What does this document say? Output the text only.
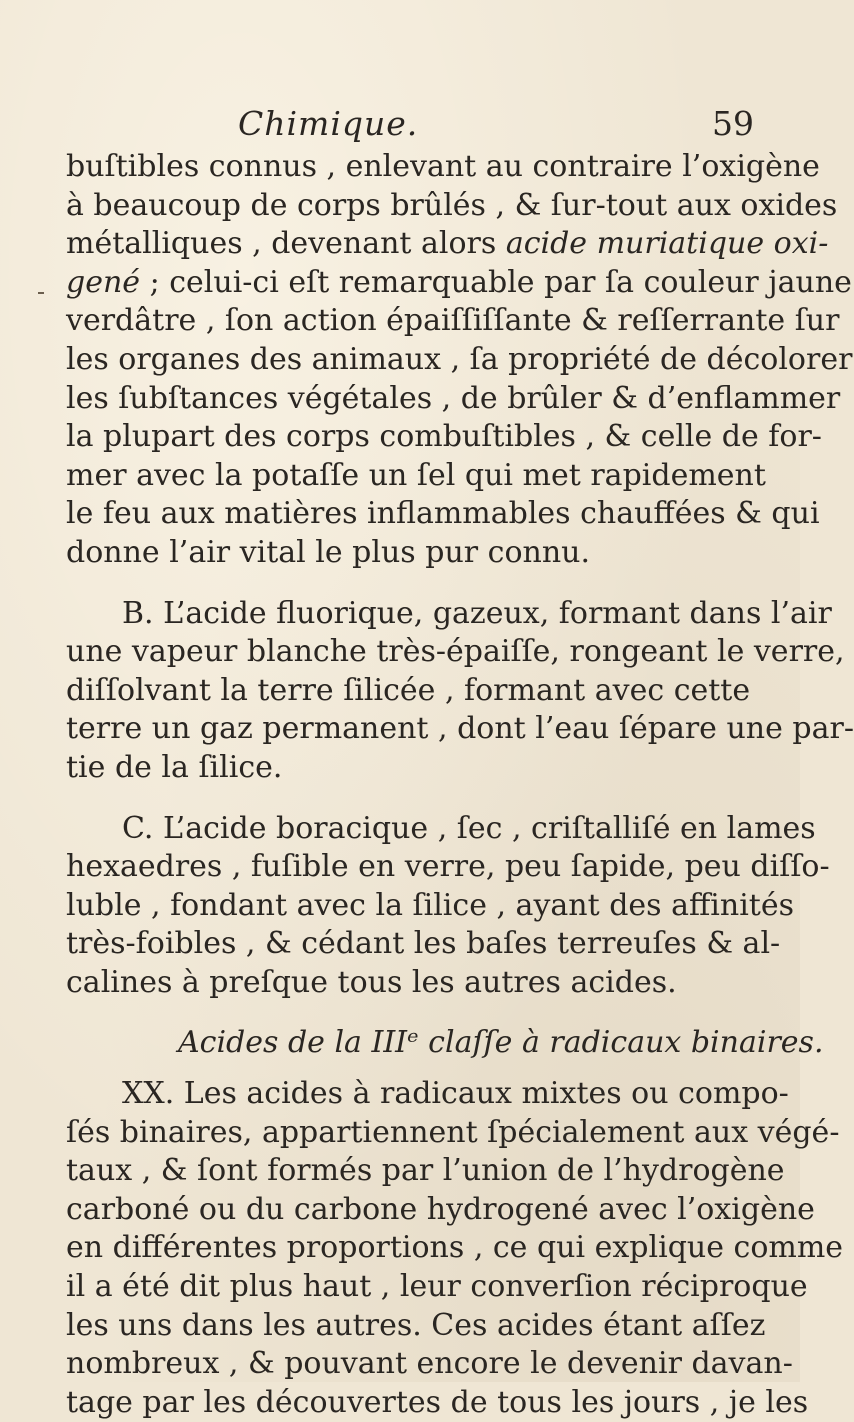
Chimique.	59
buſtibles connus , enlevant au contraire l’oxigène
à beaucoup de corps brûlés , & ſur-tout aux oxides
métalliques , devenant alors acide muriatique oxi-
gené ; celui-ci eſt remarquable par ſa couleur jaune
verdâtre , ſon action épaiſſiſſante & reſſerrante ſur
les organes des animaux , ſa propriété de décolorer
les ſubſtances végétales , de brûler & d’enflammer
la plupart des corps combuſtibles , & celle de for-
mer avec la potaſſe un ſel qui met rapidement
le feu aux matières inflammables chauffées & qui
donne l’air vital le plus pur connu.
B. L’acide fluorique, gazeux, formant dans l’air
une vapeur blanche très-épaiſſe, rongeant le verre,
diſſolvant la terre ſilicée , formant avec cette
terre un gaz permanent , dont l’eau ſépare une par-
tie de la ſilice.
C. L’acide boracique , ſec , criſtalliſé en lames
hexaedres , fuſible en verre, peu ſapide, peu diſſo-
luble , fondant avec la ſilice , ayant des affinités
très-foibles , & cédant les baſes terreuſes & al-
calines à preſque tous les autres acides.
Acides de la IIIᵉ claſſe à radicaux binaires.
XX. Les acides à radicaux mixtes ou compo-
ſés binaires, appartiennent ſpécialement aux végé-
taux , & ſont formés par l’union de l’hydrogène
carboné ou du carbone hydrogené avec l’oxigène
en différentes proportions , ce qui explique comme
il a été dit plus haut , leur converſion réciproque
les uns dans les autres. Ces acides étant aſſez
nombreux , & pouvant encore le devenir davan-
tage par les découvertes de tous les jours , je les
